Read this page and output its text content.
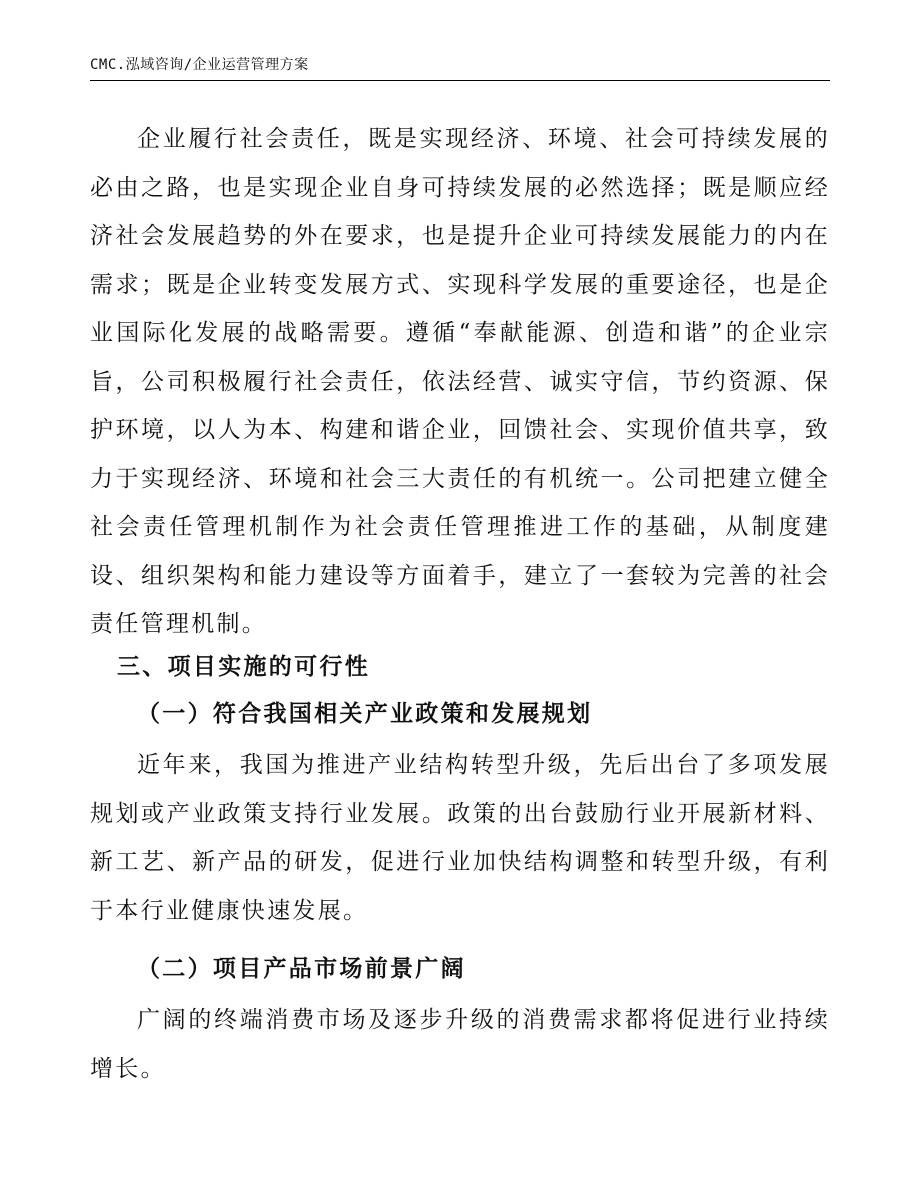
CMC.泓域咨询/企业运营管理方案

企业履行社会责任，既是实现经济、环境、社会可持续发展的必由之路，也是实现企业自身可持续发展的必然选择；既是顺应经济社会发展趋势的外在要求，也是提升企业可持续发展能力的内在需求；既是企业转变发展方式、实现科学发展的重要途径，也是企业国际化发展的战略需要。遵循“奉献能源、创造和谐”的企业宗旨，公司积极履行社会责任，依法经营、诚实守信，节约资源、保护环境，以人为本、构建和谐企业，回馈社会、实现价值共享，致力于实现经济、环境和社会三大责任的有机统一。公司把建立健全社会责任管理机制作为社会责任管理推进工作的基础，从制度建设、组织架构和能力建设等方面着手，建立了一套较为完善的社会责任管理机制。

三、项目实施的可行性
（一）符合我国相关产业政策和发展规划

近年来，我国为推进产业结构转型升级，先后出台了多项发展规划或产业政策支持行业发展。政策的出台鼓励行业开展新材料、新工艺、新产品的研发，促进行业加快结构调整和转型升级，有利于本行业健康快速发展。

（二）项目产品市场前景广阔

广阔的终端消费市场及逐步升级的消费需求都将促进行业持续增长。
